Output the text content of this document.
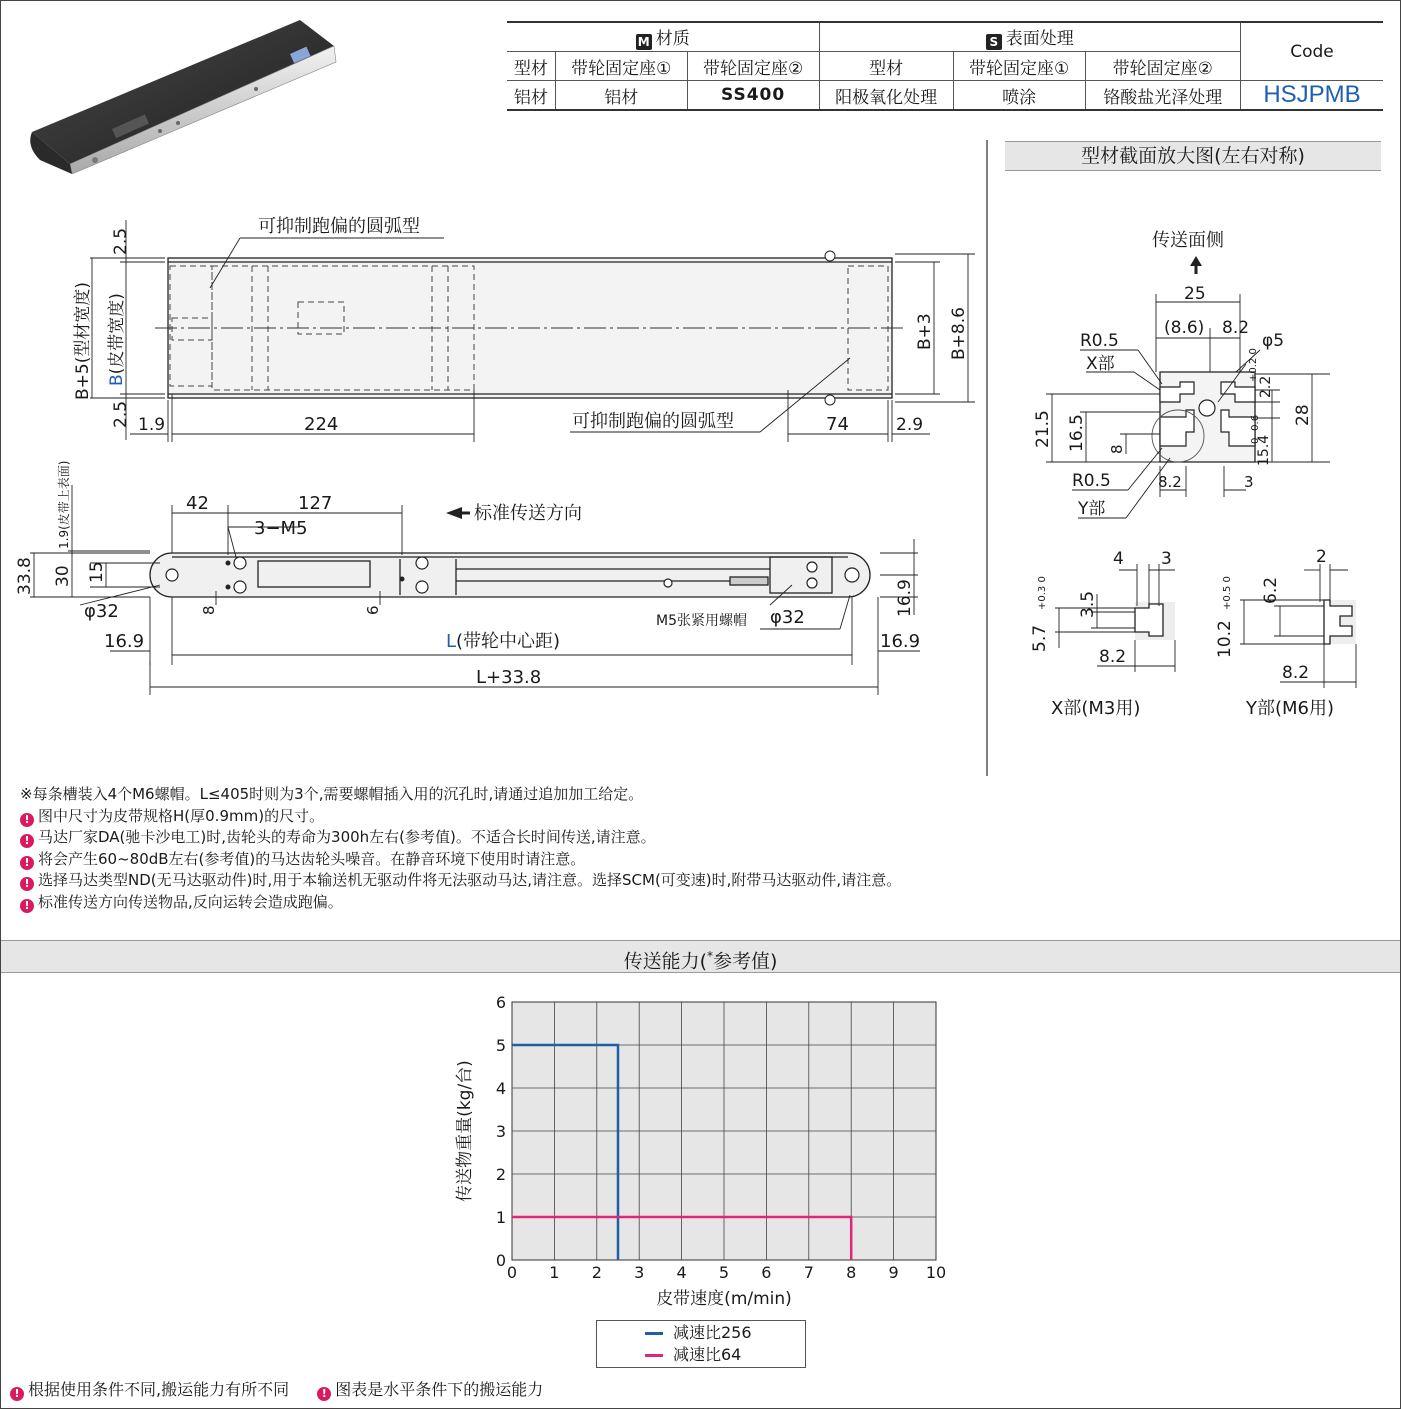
M 材质			S 表面处理			Code
型材	带轮固定座①	带轮固定座②	型材	带轮固定座①	带轮固定座②	
铝材	铝材	SS400	阳极氧化处理	喷涂	铬酸盐光泽处理	HSJPMB
型材截面放大图(左右对称)
可抑制跑偏的圆弧型
可抑制跑偏的圆弧型
2.5
2.5
B+5(型材宽度) B(皮带宽度)	B+3 B+8.6
1.9	224	74	2.9
42	127
3−M5
标准传送方向
1.9(皮带上表面)
33.8 30 15
φ32	8	6
M5张紧用螺帽 φ32
16.9
16.9	L(带轮中心距)	16.9
L+33.8
传送面侧
25
(8.6) 8.2
φ5
R0.5
X部
21.5 16.5 8
R0.5
Y部
8.2	3
28
2.2
+0.2 0
15.4
0 -0.6
4 3
3.5
5.7
+0.3 0
8.2
X部(M3用)
2
6.2
10.2
+0.5 0
8.2
Y部(M6用)
※每条槽装入4个M6螺帽。L≤405时则为3个,需要螺帽插入用的沉孔时,请通过追加加工给定。
! 图中尺寸为皮带规格H(厚0.9mm)的尺寸。
! 马达厂家DA(驰卡沙电工)时,齿轮头的寿命为300h左右(参考值)。不适合长时间传送,请注意。
! 将会产生60~80dB左右(参考值)的马达齿轮头噪音。在静音环境下使用时请注意。
! 选择马达类型ND(无马达驱动件)时,用于本输送机无驱动件将无法驱动马达,请注意。选择SCM(可变速)时,附带马达驱动件,请注意。
! 标准传送方向传送物品,反向运转会造成跑偏。
传送能力(*参考值)
0 1 2 3 4 5 6 7 8 9 10
0
1
2
3
4
5
6
皮带速度(m/min)
传送物重量(kg/台)
减速比256
减速比64
! 根据使用条件不同,搬运能力有所不同	! 图表是水平条件下的搬运能力
